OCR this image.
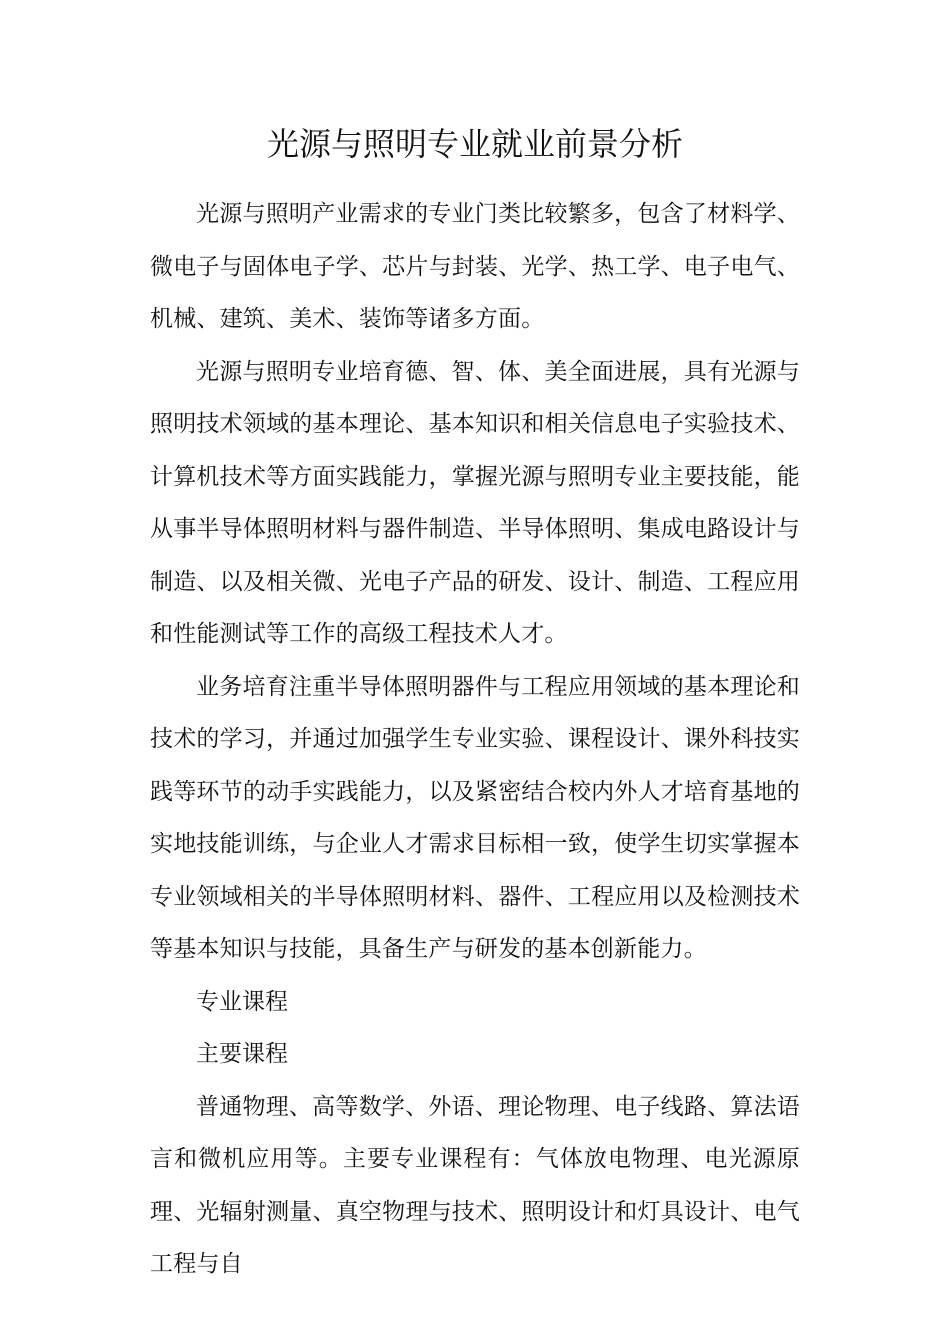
光源与照明专业就业前景分析

光源与照明产业需求的专业门类比较繁多，包含了材料学、微电子与固体电子学、芯片与封装、光学、热工学、电子电气、机械、建筑、美术、装饰等诸多方面。

光源与照明专业培育德、智、体、美全面进展，具有光源与照明技术领域的基本理论、基本知识和相关信息电子实验技术、计算机技术等方面实践能力，掌握光源与照明专业主要技能，能从事半导体照明材料与器件制造、半导体照明、集成电路设计与制造、以及相关微、光电子产品的研发、设计、制造、工程应用和性能测试等工作的高级工程技术人才。

业务培育注重半导体照明器件与工程应用领域的基本理论和技术的学习，并通过加强学生专业实验、课程设计、课外科技实践等环节的动手实践能力，以及紧密结合校内外人才培育基地的实地技能训练，与企业人才需求目标相一致，使学生切实掌握本专业领域相关的半导体照明材料、器件、工程应用以及检测技术等基本知识与技能，具备生产与研发的基本创新能力。

专业课程

主要课程

普通物理、高等数学、外语、理论物理、电子线路、算法语言和微机应用等。主要专业课程有：气体放电物理、电光源原理、光辐射测量、真空物理与技术、照明设计和灯具设计、电气工程与自
